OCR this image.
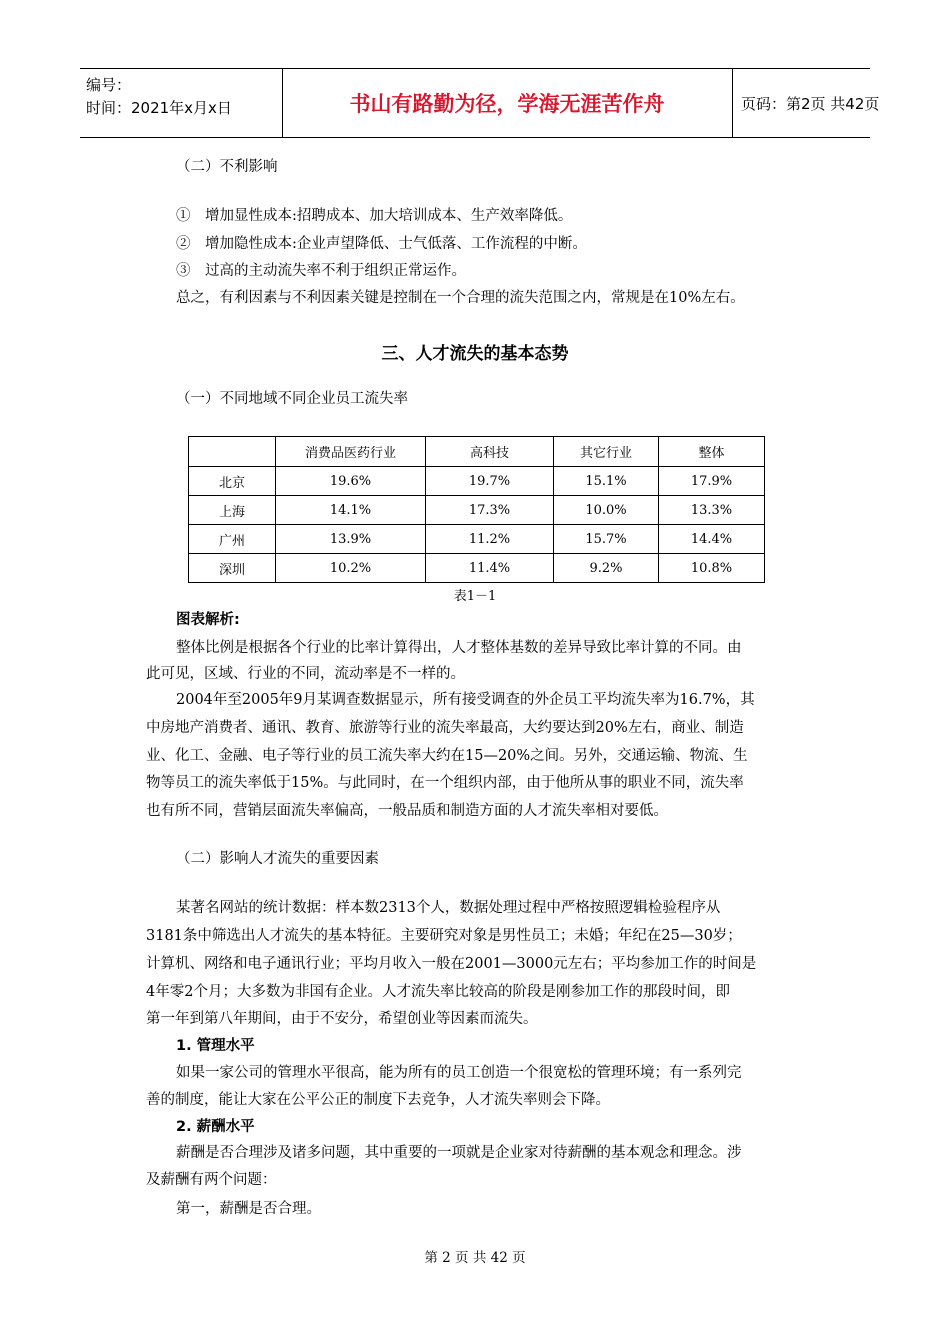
编号：
时间：2021年x月x日	书山有路勤为径，学海无涯苦作舟	页码：第2页 共42页
（二）不利影响
①　增加显性成本:招聘成本、加大培训成本、生产效率降低。
②　增加隐性成本:企业声望降低、士气低落、工作流程的中断。
③　过高的主动流失率不利于组织正常运作。
总之，有利因素与不利因素关键是控制在一个合理的流失范围之内，常规是在10%左右。
三、人才流失的基本态势
（一）不同地域不同企业员工流失率
	消费品医药行业	高科技	其它行业	整体
北京	19.6%	19.7%	15.1%	17.9%
上海	14.1%	17.3%	10.0%	13.3%
广州	13.9%	11.2%	15.7%	14.4%
深圳	10.2%	11.4%	9.2%	10.8%
表1－1
图表解析:
整体比例是根据各个行业的比率计算得出，人才整体基数的差异导致比率计算的不同。由
此可见，区域、行业的不同，流动率是不一样的。
2004年至2005年9月某调查数据显示，所有接受调查的外企员工平均流失率为16.7%，其
中房地产消费者、通讯、教育、旅游等行业的流失率最高，大约要达到20%左右，商业、制造
业、化工、金融、电子等行业的员工流失率大约在15—20%之间。另外，交通运输、物流、生
物等员工的流失率低于15%。与此同时，在一个组织内部，由于他所从事的职业不同，流失率
也有所不同，营销层面流失率偏高，一般品质和制造方面的人才流失率相对要低。
（二）影响人才流失的重要因素
某著名网站的统计数据：样本数2313个人，数据处理过程中严格按照逻辑检验程序从
3181条中筛选出人才流失的基本特征。主要研究对象是男性员工；未婚；年纪在25—30岁；
计算机、网络和电子通讯行业；平均月收入一般在2001—3000元左右；平均参加工作的时间是
4年零2个月；大多数为非国有企业。人才流失率比较高的阶段是刚参加工作的那段时间，即
第一年到第八年期间，由于不安分，希望创业等因素而流失。
1. 管理水平
如果一家公司的管理水平很高，能为所有的员工创造一个很宽松的管理环境；有一系列完
善的制度，能让大家在公平公正的制度下去竞争，人才流失率则会下降。
2. 薪酬水平
薪酬是否合理涉及诸多问题，其中重要的一项就是企业家对待薪酬的基本观念和理念。涉
及薪酬有两个问题：
第一，薪酬是否合理。
第 2 页 共 42 页
